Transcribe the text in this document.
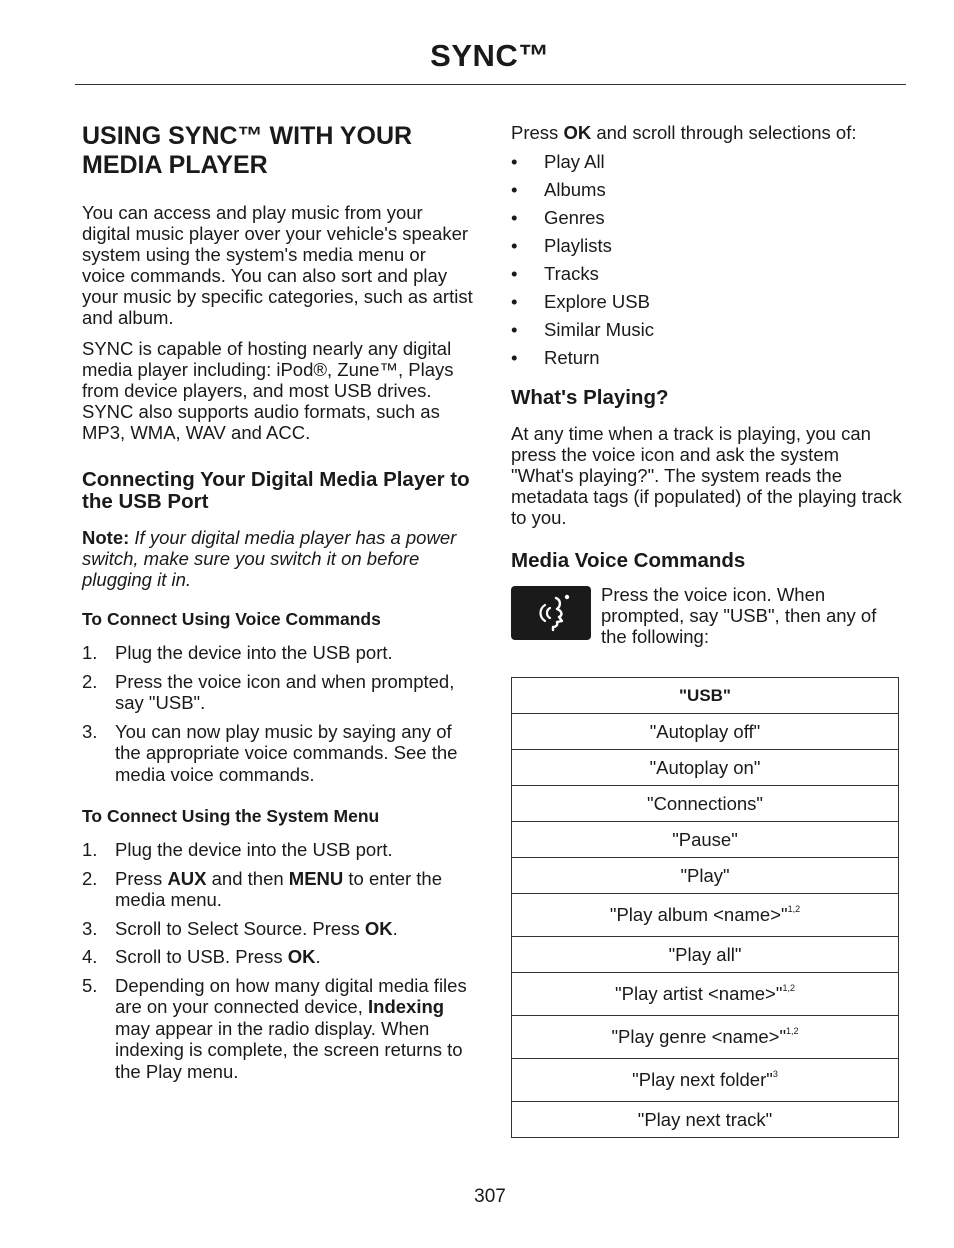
SYNC™
USING SYNC™ WITH YOUR MEDIA PLAYER

You can access and play music from your digital music player over your vehicle's speaker system using the system's media menu or voice commands. You can also sort and play your music by specific categories, such as artist and album.

SYNC is capable of hosting nearly any digital media player including: iPod®, Zune™, Plays from device players, and most USB drives. SYNC also supports audio formats, such as MP3, WMA, WAV and ACC.

Connecting Your Digital Media Player to the USB Port

Note: If your digital media player has a power switch, make sure you switch it on before plugging it in.

To Connect Using Voice Commands
1. Plug the device into the USB port.
2. Press the voice icon and when prompted, say "USB".
3. You can now play music by saying any of the appropriate voice commands. See the media voice commands.
To Connect Using the System Menu
1. Plug the device into the USB port.
2. Press AUX and then MENU to enter the media menu.
3. Scroll to Select Source. Press OK.
4. Scroll to USB. Press OK.
5. Depending on how many digital media files are on your connected device, Indexing may appear in the radio display. When indexing is complete, the screen returns to the Play menu.

Press OK and scroll through selections of:

• Play All
• Albums
• Genres
• Playlists
• Tracks
• Explore USB
• Similar Music
• Return
What's Playing?

At any time when a track is playing, you can press the voice icon and ask the system "What's playing?". The system reads the metadata tags (if populated) of the playing track to you.

Media Voice Commands

Press the voice icon. When prompted, say "USB", then any of the following:

"USB"
"Autoplay off"
"Autoplay on"
"Connections"
"Pause"
"Play"
"Play album <name>"$^{1,2}$
"Play all"
"Play artist <name>"$^{1,2}$
"Play genre <name>"$^{1,2}$
"Play next folder"$^3$
"Play next track"
307
